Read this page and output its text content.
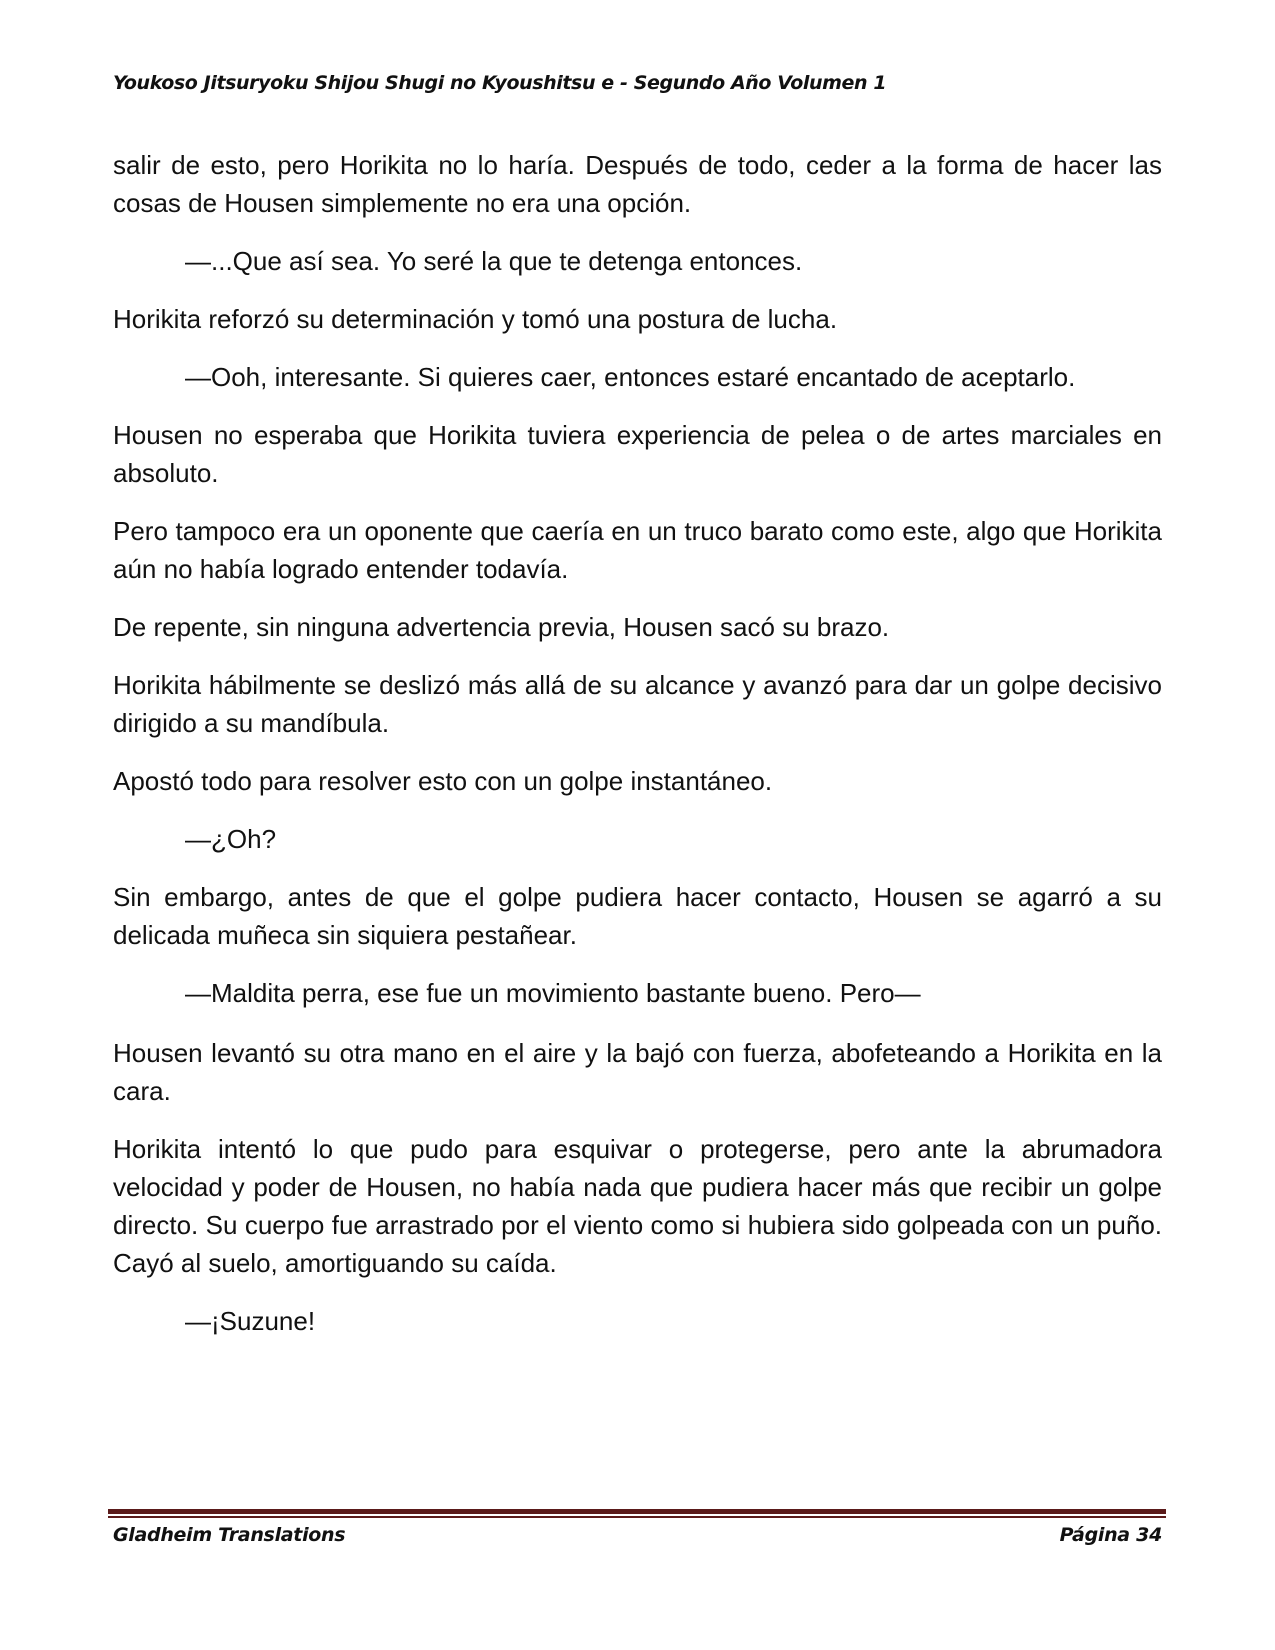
Youkoso Jitsuryoku Shijou Shugi no Kyoushitsu e - Segundo Año Volumen 1

salir de esto, pero Horikita no lo haría. Después de todo, ceder a la forma de hacer las cosas de Housen simplemente no era una opción.

—...Que así sea. Yo seré la que te detenga entonces.

Horikita reforzó su determinación y tomó una postura de lucha.

—Ooh, interesante. Si quieres caer, entonces estaré encantado de aceptarlo.

Housen no esperaba que Horikita tuviera experiencia de pelea o de artes marciales en absoluto.

Pero tampoco era un oponente que caería en un truco barato como este, algo que Horikita aún no había logrado entender todavía.

De repente, sin ninguna advertencia previa, Housen sacó su brazo.

Horikita hábilmente se deslizó más allá de su alcance y avanzó para dar un golpe decisivo dirigido a su mandíbula.

Apostó todo para resolver esto con un golpe instantáneo.

—¿Oh?

Sin embargo, antes de que el golpe pudiera hacer contacto, Housen se agarró a su delicada muñeca sin siquiera pestañear.

—Maldita perra, ese fue un movimiento bastante bueno. Pero—

Housen levantó su otra mano en el aire y la bajó con fuerza, abofeteando a Horikita en la cara.

Horikita intentó lo que pudo para esquivar o protegerse, pero ante la abrumadora velocidad y poder de Housen, no había nada que pudiera hacer más que recibir un golpe directo. Su cuerpo fue arrastrado por el viento como si hubiera sido golpeada con un puño. Cayó al suelo, amortiguando su caída.

—¡Suzune!

Gladheim Translations	Página 34
